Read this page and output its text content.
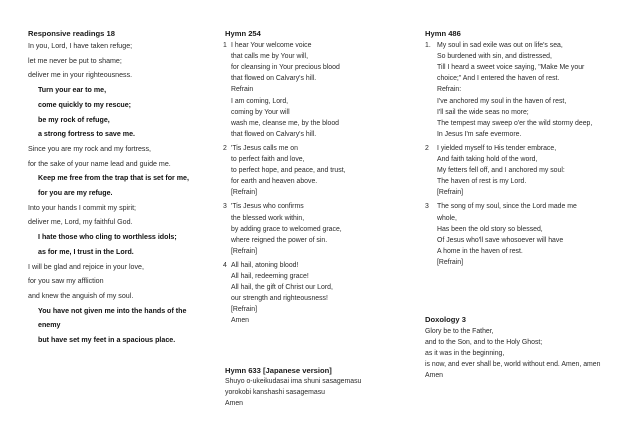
Responsive readings 18
In you, Lord, I have taken refuge;
let me never be put to shame;
deliver me in your righteousness.
Turn your ear to me,
come quickly to my rescue;
be my rock of refuge,
a strong fortress to save me.
Since you are my rock and my fortress,
for the sake of your name lead and guide me.
Keep me free from the trap that is set for me,
for you are my refuge.
Into your hands I commit my spirit;
deliver me, Lord, my faithful God.
I hate those who cling to worthless idols;
as for me, I trust in the Lord.
I will be glad and rejoice in your love,
for you saw my affliction
and knew the anguish of my soul.
You have not given me into the hands of the
enemy
but have set my feet in a spacious place.
Hymn 254
1 I hear Your welcome voice
that calls me by Your will,
for cleansing in Your precious blood
that flowed on Calvary's hill.
Refrain
I am coming, Lord,
coming by Your will
wash me, cleanse me, by the blood
that flowed on Calvary's hill.
2 'Tis Jesus calls me on
to perfect faith and love,
to perfect hope, and peace, and trust,
for earth and heaven above.
[Refrain]
3 'Tis Jesus who confirms
the blessed work within,
by adding grace to welcomed grace,
where reigned the power of sin.
[Refrain]
4 All hail, atoning blood!
All hail, redeeming grace!
All hail, the gift of Christ our Lord,
our strength and righteousness!
[Refrain]
Amen
Hymn 633 [Japanese version]
Shuyo o-ukeikudasai ima shuni sasagemasu
yorokobi kanshashi sasagemasu
Amen
Hymn 486
1. My soul in sad exile was out on life's sea,
So burdened with sin, and distressed,
Till I heard a sweet voice saying, "Make Me your
choice;" And I entered the haven of rest.
Refrain:
I've anchored my soul in the haven of rest,
I'll sail the wide seas no more;
The tempest may sweep o'er the wild stormy deep,
In Jesus I'm safe evermore.
2 I yielded myself to His tender embrace,
And faith taking hold of the word,
My fetters fell off, and I anchored my soul:
The haven of rest is my Lord.
[Refrain]
3 The song of my soul, since the Lord made me
whole,
Has been the old story so blessed,
Of Jesus who'll save whosoever will have
A home in the haven of rest.
[Refrain]
Doxology 3
Glory be to the Father,
and to the Son, and to the Holy Ghost;
as it was in the beginning,
is now, and ever shall be, world without end. Amen, amen
Amen
